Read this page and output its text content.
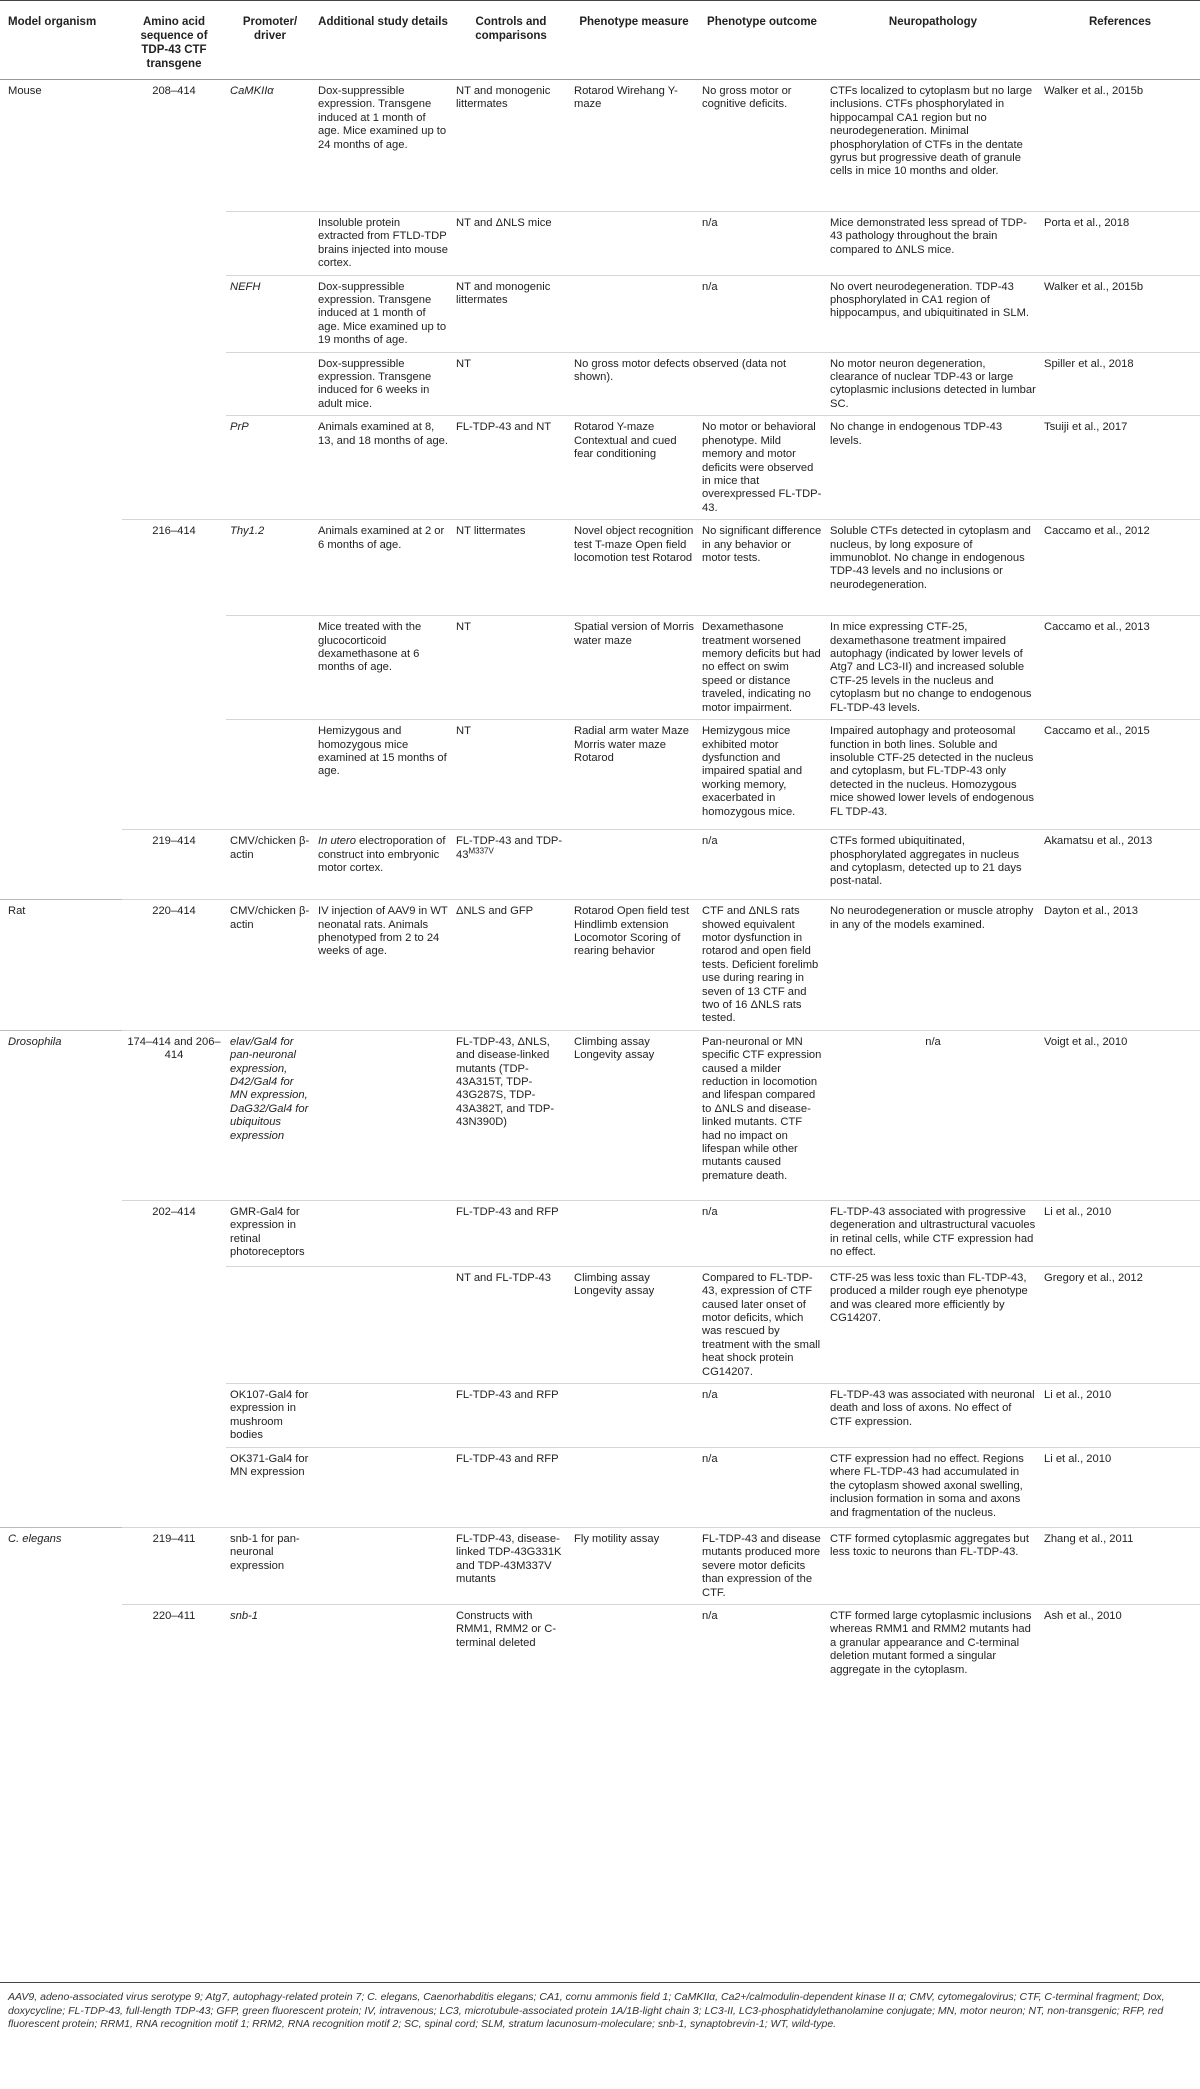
Model organism	Amino acid sequence of TDP-43 CTF transgene	Promoter/ driver	Additional study details	Controls and comparisons	Phenotype measure	Phenotype outcome	Neuropathology	References
Mouse	208–414	CaMKIIα	Dox-suppressible expression. Transgene induced at 1 month of age. Mice examined up to 24 months of age.	NT and monogenic littermates	Rotarod Wirehang Y-maze	No gross motor or cognitive deficits.	CTFs localized to cytoplasm but no large inclusions. CTFs phosphorylated in hippocampal CA1 region but no neurodegeneration. Minimal phosphorylation of CTFs in the dentate gyrus but progressive death of granule cells in mice 10 months and older.	Walker et al., 2015b
			Insoluble protein extracted from FTLD-TDP brains injected into mouse cortex.	NT and ΔNLS mice		n/a	Mice demonstrated less spread of TDP-43 pathology throughout the brain compared to ΔNLS mice.	Porta et al., 2018
		NEFH	Dox-suppressible expression. Transgene induced at 1 month of age. Mice examined up to 19 months of age.	NT and monogenic littermates		n/a	No overt neurodegeneration. TDP-43 phosphorylated in CA1 region of hippocampus, and ubiquitinated in SLM.	Walker et al., 2015b
			Dox-suppressible expression. Transgene induced for 6 weeks in adult mice.	NT	No gross motor defects observed (data not shown).		No motor neuron degeneration, clearance of nuclear TDP-43 or large cytoplasmic inclusions detected in lumbar SC.	Spiller et al., 2018
		PrP	Animals examined at 8, 13, and 18 months of age.	FL-TDP-43 and NT	Rotarod Y-maze Contextual and cued fear conditioning	No motor or behavioral phenotype. Mild memory and motor deficits were observed in mice that overexpressed FL-TDP-43.	No change in endogenous TDP-43 levels.	Tsuiji et al., 2017
	216–414	Thy1.2	Animals examined at 2 or 6 months of age.	NT littermates	Novel object recognition test T-maze Open field locomotion test Rotarod	No significant difference in any behavior or motor tests.	Soluble CTFs detected in cytoplasm and nucleus, by long exposure of immunoblot. No change in endogenous TDP-43 levels and no inclusions or neurodegeneration.	Caccamo et al., 2012
			Mice treated with the glucocorticoid dexamethasone at 6 months of age.	NT	Spatial version of Morris water maze	Dexamethasone treatment worsened memory deficits but had no effect on swim speed or distance traveled, indicating no motor impairment.	In mice expressing CTF-25, dexamethasone treatment impaired autophagy (indicated by lower levels of Atg7 and LC3-II) and increased soluble CTF-25 levels in the nucleus and cytoplasm but no change to endogenous FL-TDP-43 levels.	Caccamo et al., 2013
			Hemizygous and homozygous mice examined at 15 months of age.	NT	Radial arm water Maze Morris water maze Rotarod	Hemizygous mice exhibited motor dysfunction and impaired spatial and working memory, exacerbated in homozygous mice.	Impaired autophagy and proteosomal function in both lines. Soluble and insoluble CTF-25 detected in the nucleus and cytoplasm, but FL-TDP-43 only detected in the nucleus. Homozygous mice showed lower levels of endogenous FL TDP-43.	Caccamo et al., 2015
	219–414	CMV/chicken β-actin	In utero electroporation of construct into embryonic motor cortex.	FL-TDP-43 and TDP-$43^{M337V}$		n/a	CTFs formed ubiquitinated, phosphorylated aggregates in nucleus and cytoplasm, detected up to 21 days post-natal.	Akamatsu et al., 2013
Rat	220–414	CMV/chicken β-actin	IV injection of AAV9 in WT neonatal rats. Animals phenotyped from 2 to 24 weeks of age.	ΔNLS and GFP	Rotarod Open field test Hindlimb extension Locomotor Scoring of rearing behavior	CTF and ΔNLS rats showed equivalent motor dysfunction in rotarod and open field tests. Deficient forelimb use during rearing in seven of 13 CTF and two of 16 ΔNLS rats tested.	No neurodegeneration or muscle atrophy in any of the models examined.	Dayton et al., 2013
Drosophila	174–414 and 206–414	elav/Gal4 for pan-neuronal expression, D42/Gal4 for MN expression, DaG32/Gal4 for ubiquitous expression		FL-TDP-43, ΔNLS, and disease-linked mutants (TDP-43A315T, TDP-43G287S, TDP-43A382T, and TDP-43N390D)	Climbing assay Longevity assay	Pan-neuronal or MN specific CTF expression caused a milder reduction in locomotion and lifespan compared to ΔNLS and disease-linked mutants. CTF had no impact on lifespan while other mutants caused premature death.	n/a	Voigt et al., 2010
	202–414	GMR-Gal4 for expression in retinal photoreceptors		FL-TDP-43 and RFP		n/a	FL-TDP-43 associated with progressive degeneration and ultrastructural vacuoles in retinal cells, while CTF expression had no effect.	Li et al., 2010
				NT and FL-TDP-43	Climbing assay Longevity assay	Compared to FL-TDP-43, expression of CTF caused later onset of motor deficits, which was rescued by treatment with the small heat shock protein CG14207.	CTF-25 was less toxic than FL-TDP-43, produced a milder rough eye phenotype and was cleared more efficiently by CG14207.	Gregory et al., 2012
		OK107-Gal4 for expression in mushroom bodies		FL-TDP-43 and RFP		n/a	FL-TDP-43 was associated with neuronal death and loss of axons. No effect of CTF expression.	Li et al., 2010
		OK371-Gal4 for MN expression		FL-TDP-43 and RFP		n/a	CTF expression had no effect. Regions where FL-TDP-43 had accumulated in the cytoplasm showed axonal swelling, inclusion formation in soma and axons and fragmentation of the nucleus.	Li et al., 2010
C. elegans	219–411	snb-1 for pan-neuronal expression		FL-TDP-43, disease-linked TDP-43G331K and TDP-43M337V mutants	Fly motility assay	FL-TDP-43 and disease mutants produced more severe motor deficits than expression of the CTF.	CTF formed cytoplasmic aggregates but less toxic to neurons than FL-TDP-43.	Zhang et al., 2011
	220–411	snb-1		Constructs with RMM1, RMM2 or C-terminal deleted		n/a	CTF formed large cytoplasmic inclusions whereas RMM1 and RMM2 mutants had a granular appearance and C-terminal deletion mutant formed a singular aggregate in the cytoplasm.	Ash et al., 2010
AAV9, adeno-associated virus serotype 9; Atg7, autophagy-related protein 7; C. elegans, Caenorhabditis elegans; CA1, cornu ammonis field 1; CaMKIIα, Ca2+/calmodulin-dependent kinase II α; CMV, cytomegalovirus; CTF, C-terminal fragment; Dox, doxycycline; FL-TDP-43, full-length TDP-43; GFP, green fluorescent protein; IV, intravenous; LC3, microtubule-associated protein 1A/1B-light chain 3; LC3-II, LC3-phosphatidylethanolamine conjugate; MN, motor neuron; NT, non-transgenic; RFP, red fluorescent protein; RRM1, RNA recognition motif 1; RRM2, RNA recognition motif 2; SC, spinal cord; SLM, stratum lacunosum-moleculare; snb-1, synaptobrevin-1; WT, wild-type.
